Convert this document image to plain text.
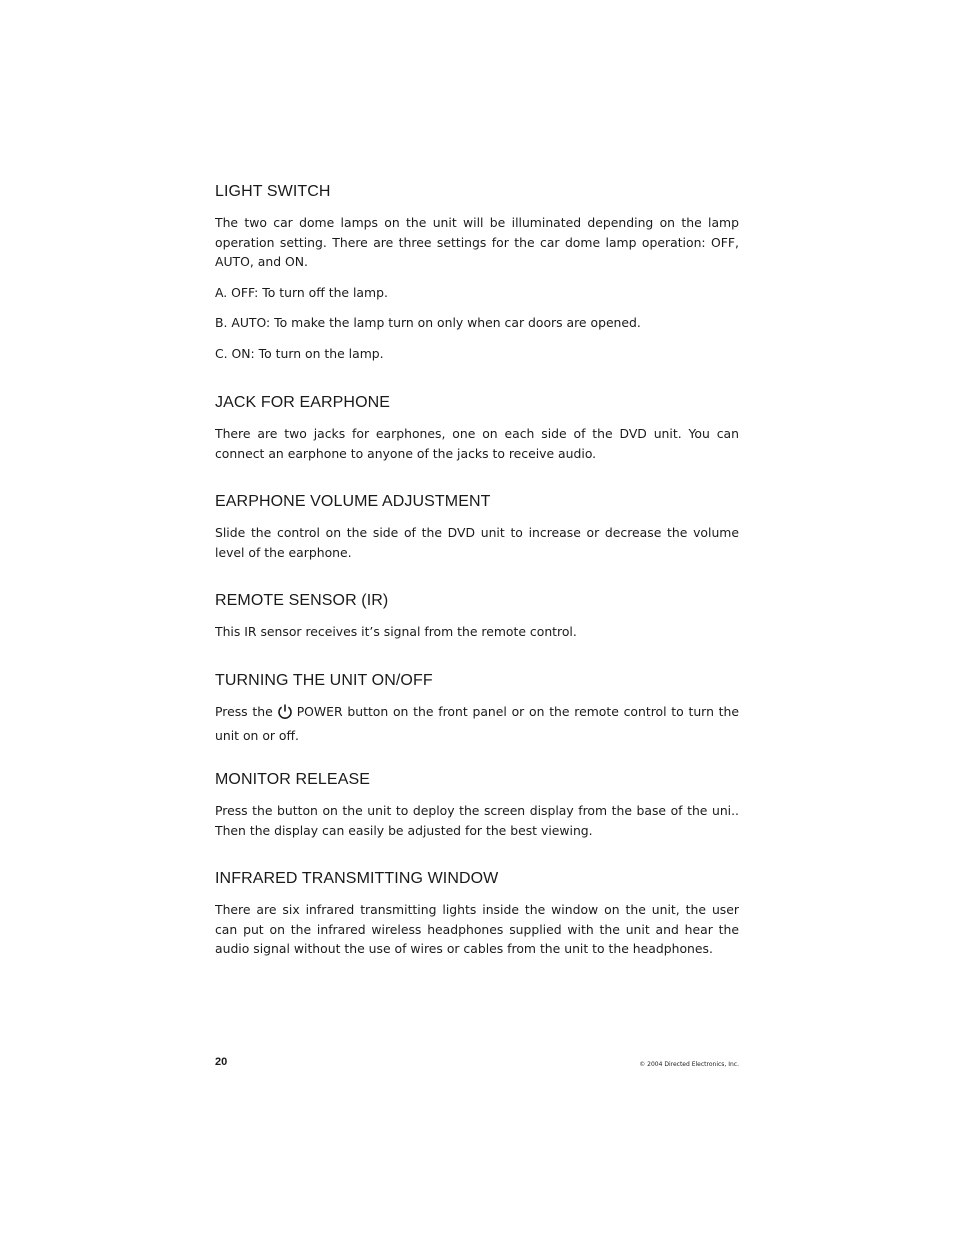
LIGHT SWITCH

The two car dome lamps on the unit will be illuminated depending on the lamp operation setting. There are three settings for the car dome lamp operation: OFF, AUTO, and ON.

A. OFF: To turn off the lamp.

B. AUTO: To make the lamp turn on only when car doors are opened.

C. ON: To turn on the lamp.

JACK FOR EARPHONE

There are two jacks for earphones, one on each side of the DVD unit. You can connect an earphone to anyone of the jacks to receive audio.

EARPHONE VOLUME ADJUSTMENT

Slide the control on the side of the DVD unit to increase or decrease the volume level of the earphone.

REMOTE SENSOR (IR)

This IR sensor receives it’s signal from the remote control.

TURNING THE UNIT ON/OFF

Press the POWER button on the front panel or on the remote control to turn the unit on or off.

MONITOR RELEASE

Press the button on the unit to deploy the screen display from the base of the uni.. Then the display can easily be adjusted for the best viewing.

INFRARED TRANSMITTING WINDOW

There are six infrared transmitting lights inside the window on the unit, the user can put on the infrared wireless headphones supplied with the unit and hear the audio signal without the use of wires or cables from the unit to the headphones.

20	© 2004 Directed Electronics, Inc.
